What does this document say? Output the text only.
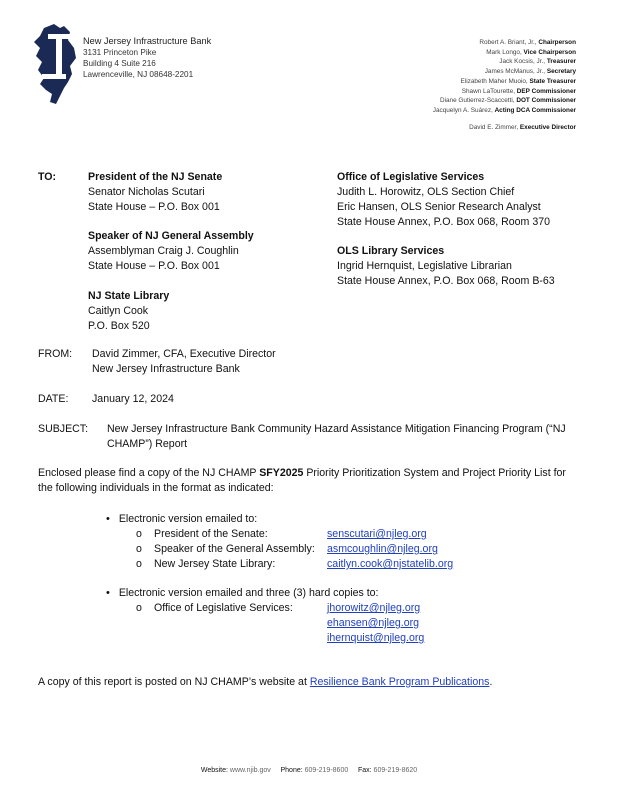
New Jersey Infrastructure Bank
3131 Princeton Pike
Building 4 Suite 216
Lawrenceville, NJ 08648-2201
Robert A. Briant, Jr., Chairperson
Mark Longo, Vice Chairperson
Jack Kocsis, Jr., Treasurer
James McManus, Jr., Secretary
Elizabeth Maher Muoio, State Treasurer
Shawn LaTourette, DEP Commissioner
Diane Gutierrez-Scaccetti, DOT Commissioner
Jacquelyn A. Suárez, Acting DCA Commissioner
David E. Zimmer, Executive Director
TO:	President of the NJ Senate
Senator Nicholas Scutari
State House – P.O. Box 001
Speaker of NJ General Assembly
Assemblyman Craig J. Coughlin
State House – P.O. Box 001
NJ State Library
Caitlyn Cook
P.O. Box 520
Office of Legislative Services
Judith L. Horowitz, OLS Section Chief
Eric Hansen, OLS Senior Research Analyst
State House Annex, P.O. Box 068, Room 370
OLS Library Services
Ingrid Hernquist, Legislative Librarian
State House Annex, P.O. Box 068, Room B-63
FROM: David Zimmer, CFA, Executive Director
New Jersey Infrastructure Bank
DATE: January 12, 2024
SUBJECT: New Jersey Infrastructure Bank Community Hazard Assistance Mitigation Financing Program (“NJ
CHAMP”) Report
Enclosed please find a copy of the NJ CHAMP SFY2025 Priority Prioritization System and Project Priority List for
the following individuals in the format as indicated:
• Electronic version emailed to:
o President of the Senate:	senscutari@njleg.org
o Speaker of the General Assembly: asmcoughlin@njleg.org
o New Jersey State Library:	caitlyn.cook@njstatelib.org
• Electronic version emailed and three (3) hard copies to:
o Office of Legislative Services:	jhorowitz@njleg.org
ehansen@njleg.org
ihernquist@njleg.org
A copy of this report is posted on NJ CHAMP’s website at Resilience Bank Program Publications.
Website: www.njib.gov Phone: 609-219-8600 Fax: 609-219-8620
